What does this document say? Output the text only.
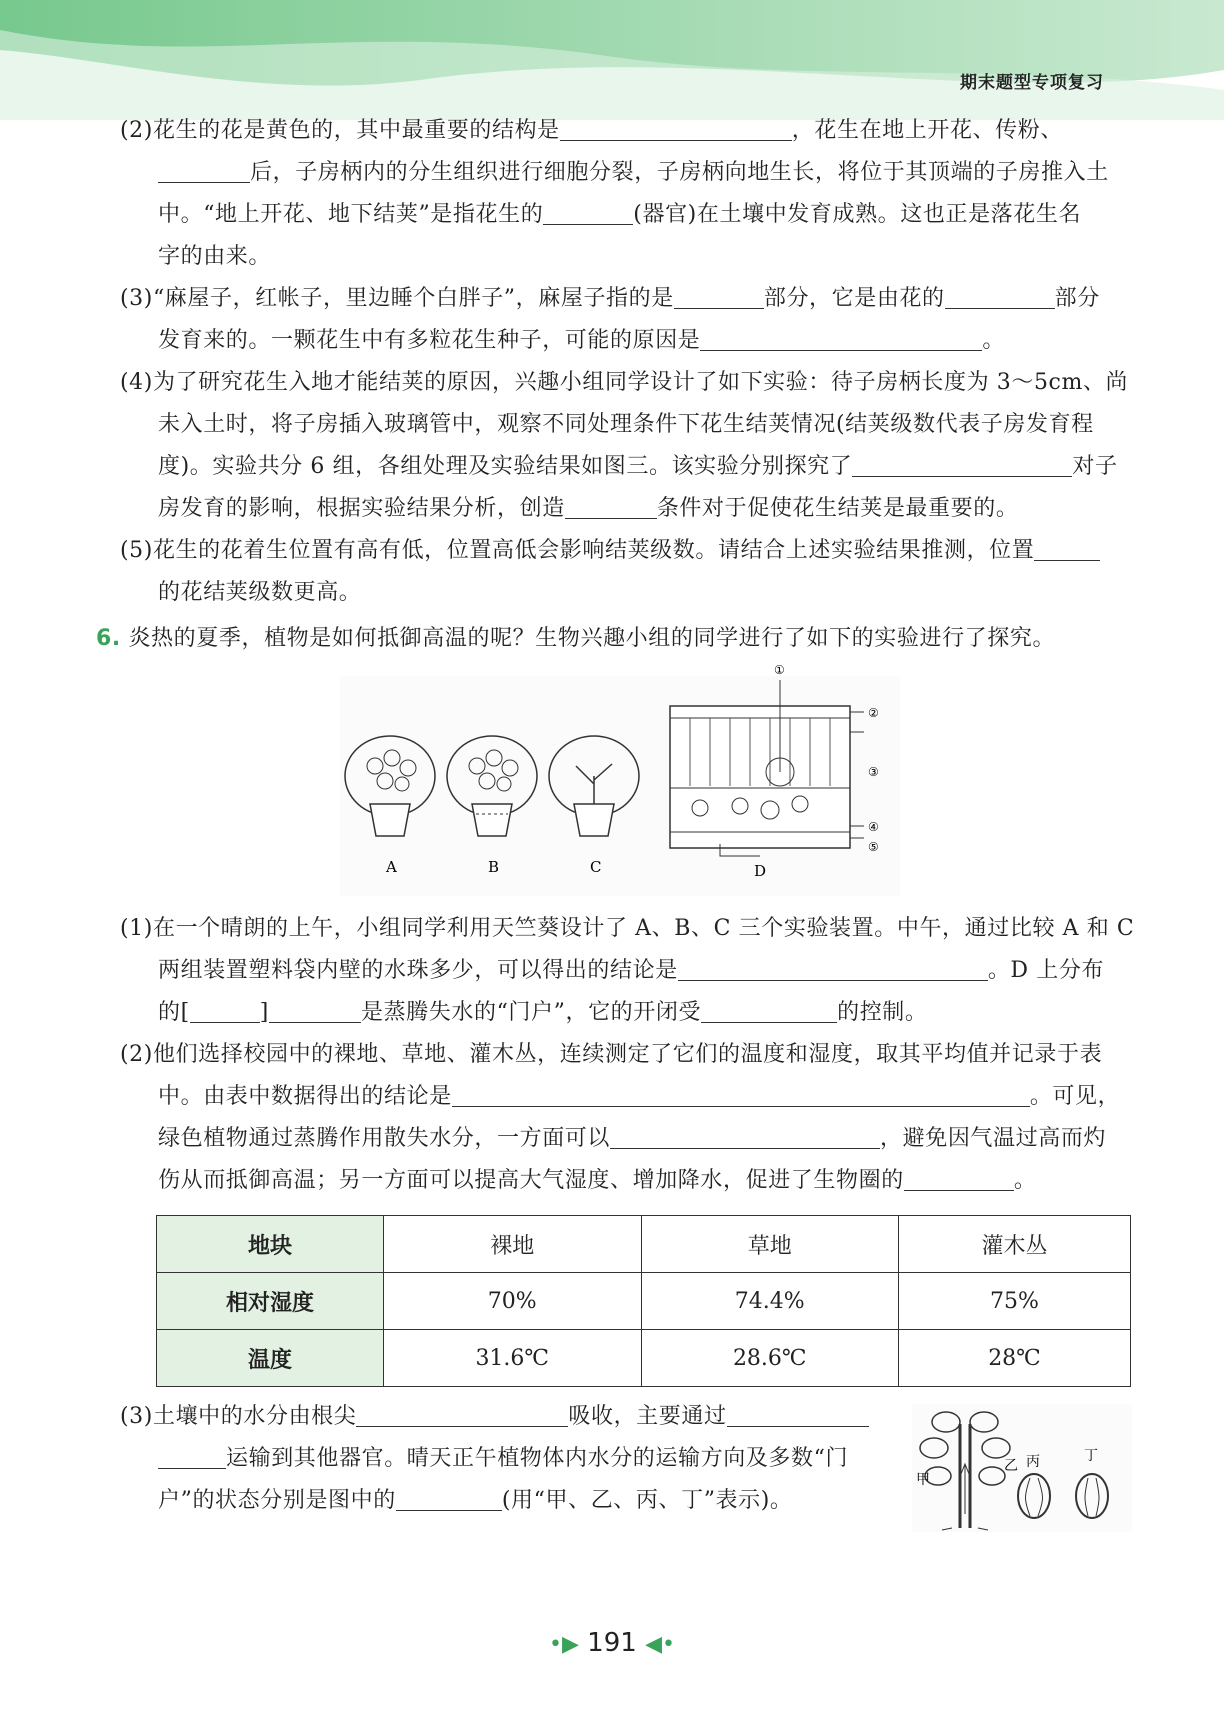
期末题型专项复习
(2)花生的花是黄色的，其中最重要的结构是	，花生在地上开花、传粉、
后，子房柄内的分生组织进行细胞分裂，子房柄向地生长，将位于其顶端的子房推入土
中。“地上开花、地下结荚”是指花生的	(器官)在土壤中发育成熟。这也正是落花生名
字的由来。
(3)“麻屋子，红帐子，里边睡个白胖子”，麻屋子指的是	部分，它是由花的	部分
发育来的。一颗花生中有多粒花生种子，可能的原因是	。
(4)为了研究花生入地才能结荚的原因，兴趣小组同学设计了如下实验：待子房柄长度为 3～5cm、尚
未入土时，将子房插入玻璃管中，观察不同处理条件下花生结荚情况(结荚级数代表子房发育程
度)。实验共分 6 组，各组处理及实验结果如图三。该实验分别探究了	对子
房发育的影响，根据实验结果分析，创造	条件对于促使花生结荚是最重要的。
(5)花生的花着生位置有高有低，位置高低会影响结荚级数。请结合上述实验结果推测，位置
的花结荚级数更高。
6. 炎热的夏季，植物是如何抵御高温的呢？生物兴趣小组的同学进行了如下的实验进行了探究。
A	B	C
①
②
③
④
⑤
D
(1)在一个晴朗的上午，小组同学利用天竺葵设计了 A、B、C 三个实验装置。中午，通过比较 A 和 C
两组装置塑料袋内壁的水珠多少，可以得出的结论是	。D 上分布
的[	]	是蒸腾失水的“门户”，它的开闭受	的控制。
(2)他们选择校园中的裸地、草地、灌木丛，连续测定了它们的温度和湿度，取其平均值并记录于表
中。由表中数据得出的结论是	。可见，
绿色植物通过蒸腾作用散失水分，一方面可以	，避免因气温过高而灼
伤从而抵御高温；另一方面可以提高大气湿度、增加降水，促进了生物圈的	。
地块	裸地	草地	灌木丛
相对湿度	70%	74.4%	75%
温度	31.6℃	28.6℃	28℃
(3)土壤中的水分由根尖	吸收，主要通过
运输到其他器官。晴天正午植物体内水分的运输方向及多数“门
户”的状态分别是图中的	(用“甲、乙、丙、丁”表示)。
甲
乙 丙	丁
•▶ 191 ◀•
